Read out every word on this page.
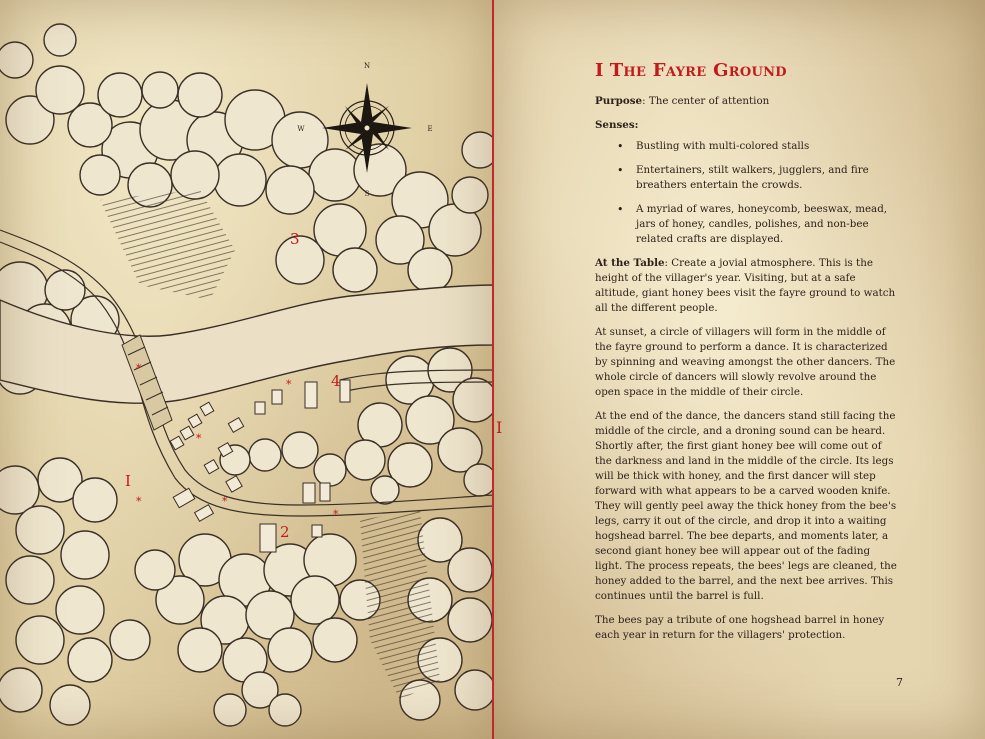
N
S
E
W
3
4
I
2
*
*
*
*	*
*
I
I The Fayre Ground

Purpose: The center of attention

Senses:

• Bustling with multi-colored stalls
• Entertainers, stilt walkers, jugglers, and fire breathers entertain the crowds.
• A myriad of wares, honeycomb, beeswax, mead, jars of honey, candles, polishes, and non-bee related crafts are displayed.

At the Table: Create a jovial atmosphere. This is the height of the villager's year. Visiting, but at a safe altitude, giant honey bees visit the fayre ground to watch all the different people.

At sunset, a circle of villagers will form in the middle of the fayre ground to perform a dance. It is characterized by spinning and weaving amongst the other dancers. The whole circle of dancers will slowly revolve around the open space in the middle of their circle.

At the end of the dance, the dancers stand still facing the middle of the circle, and a droning sound can be heard. Shortly after, the first giant honey bee will come out of the darkness and land in the middle of the circle. Its legs will be thick with honey, and the first dancer will step forward with what appears to be a carved wooden knife. They will gently peel away the thick honey from the bee's legs, carry it out of the circle, and drop it into a waiting hogshead barrel. The bee departs, and moments later, a second giant honey bee will appear out of the fading light. The process repeats, the bees' legs are cleaned, the honey added to the barrel, and the next bee arrives. This continues until the barrel is full.

The bees pay a tribute of one hogshead barrel in honey each year in return for the villagers' protection.

7
